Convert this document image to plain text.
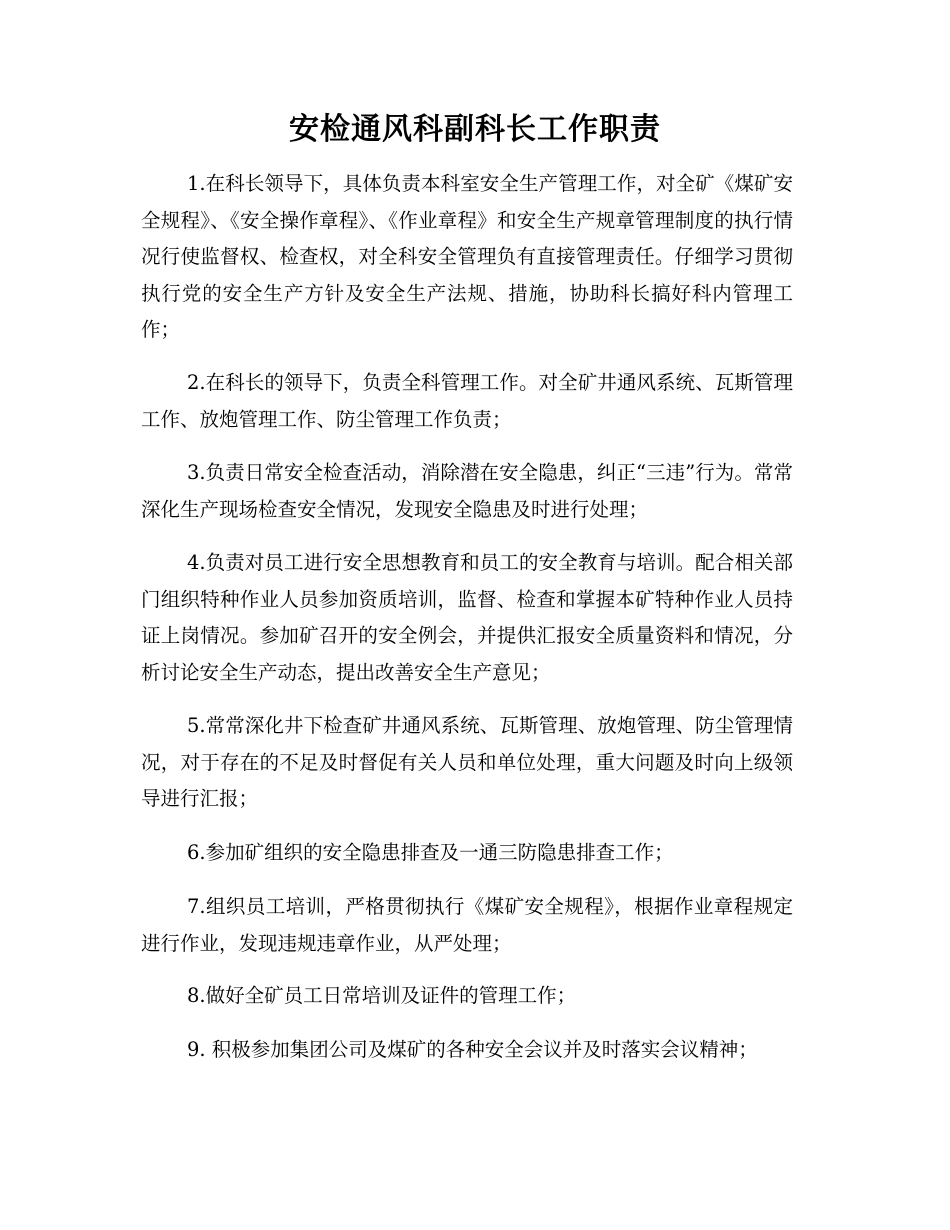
安检通风科副科长工作职责

1.在科长领导下，具体负责本科室安全生产管理工作，对全矿《煤矿安全规程》、《安全操作章程》、《作业章程》和安全生产规章管理制度的执行情况行使监督权、检查权，对全科安全管理负有直接管理责任。仔细学习贯彻执行党的安全生产方针及安全生产法规、措施，协助科长搞好科内管理工作；

2.在科长的领导下，负责全科管理工作。对全矿井通风系统、瓦斯管理工作、放炮管理工作、防尘管理工作负责；

3.负责日常安全检查活动，消除潜在安全隐患，纠正“三违”行为。常常深化生产现场检查安全情况，发现安全隐患及时进行处理；

4.负责对员工进行安全思想教育和员工的安全教育与培训。配合相关部门组织特种作业人员参加资质培训，监督、检查和掌握本矿特种作业人员持证上岗情况。参加矿召开的安全例会，并提供汇报安全质量资料和情况，分析讨论安全生产动态，提出改善安全生产意见；

5.常常深化井下检查矿井通风系统、瓦斯管理、放炮管理、防尘管理情况，对于存在的不足及时督促有关人员和单位处理，重大问题及时向上级领导进行汇报；

6.参加矿组织的安全隐患排查及一通三防隐患排查工作；

7.组织员工培训，严格贯彻执行《煤矿安全规程》，根据作业章程规定进行作业，发现违规违章作业，从严处理；

8.做好全矿员工日常培训及证件的管理工作；

9. 积极参加集团公司及煤矿的各种安全会议并及时落实会议精神；
